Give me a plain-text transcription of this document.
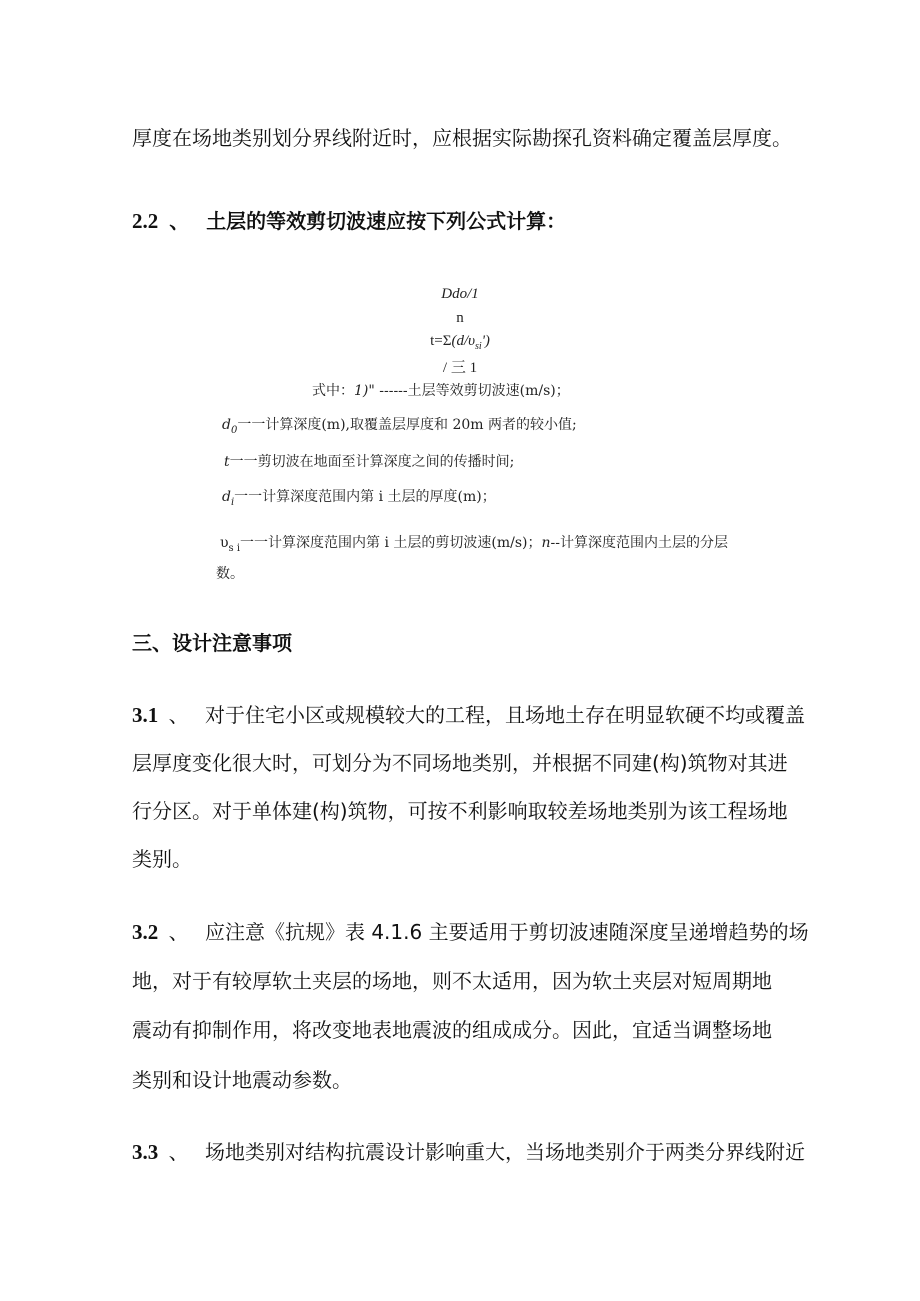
厚度在场地类别划分界线附近时，应根据实际勘探孔资料确定覆盖层厚度。
2.2 、 土层的等效剪切波速应按下列公式计算：
Ddo/1
n
$t=\Sigma(d/\upsilon_{si}')$
/ 三 1
式中：1)" ------土层等效剪切波速(m/s)；
$d_0$一一计算深度(m),取覆盖层厚度和 20m 两者的较小值;
t一一剪切波在地面至计算深度之间的传播时间;
$d_i$一一计算深度范围内第 i 土层的厚度(m)；
$\upsilon_{s i}$一一计算深度范围内第 i 土层的剪切波速(m/s)；n--计算深度范围内土层的分层
数。
三、设计注意事项
3.1 、 对于住宅小区或规模较大的工程，且场地土存在明显软硬不均或覆盖
层厚度变化很大时，可划分为不同场地类别，并根据不同建(构)筑物对其进
行分区。对于单体建(构)筑物，可按不利影响取较差场地类别为该工程场地
类别。
3.2 、 应注意《抗规》表 4.1.6 主要适用于剪切波速随深度呈递增趋势的场
地，对于有较厚软土夹层的场地，则不太适用，因为软土夹层对短周期地
震动有抑制作用，将改变地表地震波的组成成分。因此，宜适当调整场地
类别和设计地震动参数。
3.3 、 场地类别对结构抗震设计影响重大，当场地类别介于两类分界线附近
